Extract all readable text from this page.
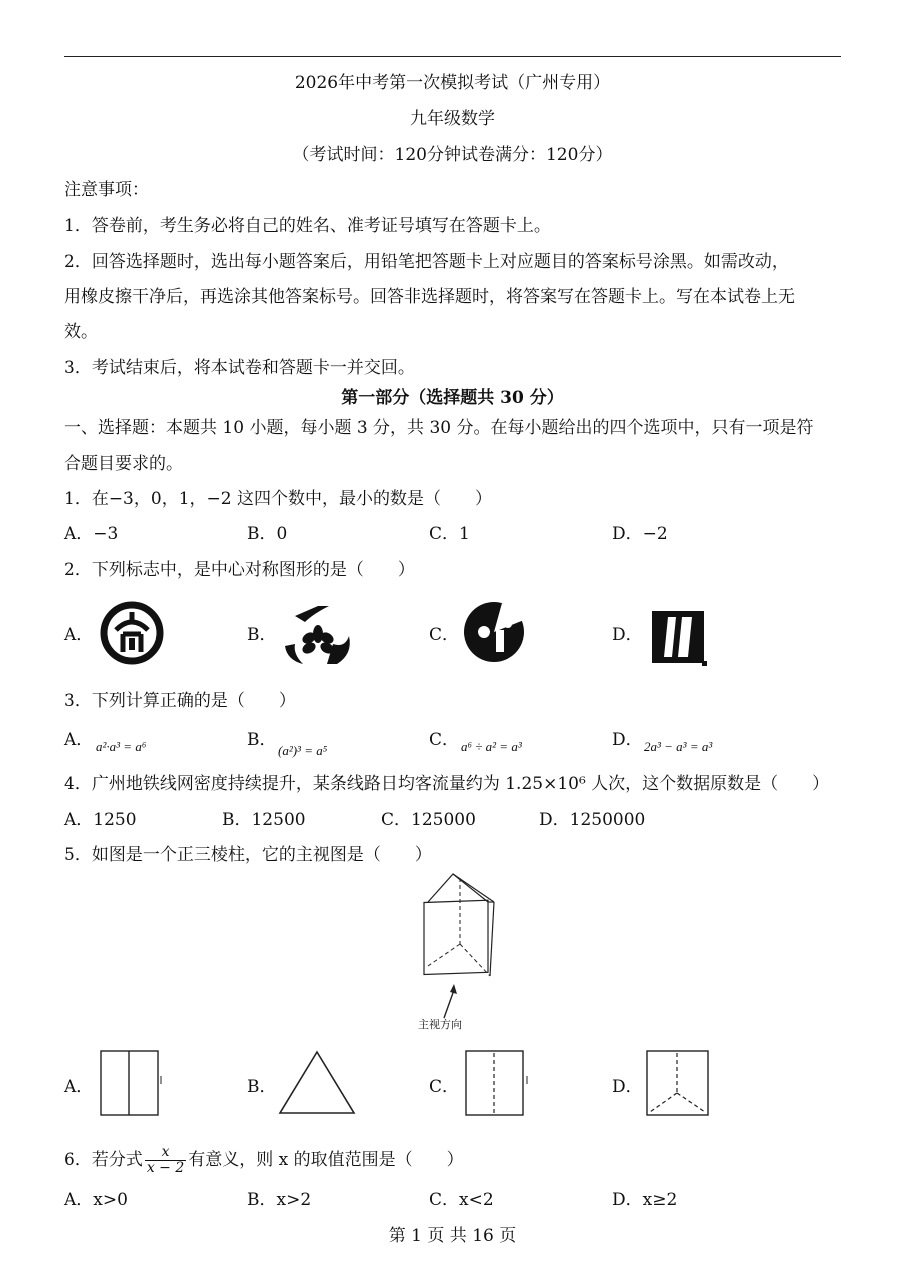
2026年中考第一次模拟考试（广州专用）
九年级数学
（考试时间：120分钟试卷满分：120分）
注意事项：
1．答卷前，考生务必将自己的姓名、准考证号填写在答题卡上。
2．回答选择题时，选出每小题答案后，用铅笔把答题卡上对应题目的答案标号涂黑。如需改动，
用橡皮擦干净后，再选涂其他答案标号。回答非选择题时，将答案写在答题卡上。写在本试卷上无
效。
3．考试结束后，将本试卷和答题卡一并交回。
第一部分（选择题共 30 分）
一、选择题：本题共 10 小题，每小题 3 分，共 30 分。在每小题给出的四个选项中，只有一项是符
合题目要求的。
1．在−3，0，1，−2 这四个数中，最小的数是（　　）
A．−3	B．0	C．1	D．−2
2．下列标志中，是中心对称图形的是（　　）
A．	B．	C．	D．
3．下列计算正确的是（　　）
A． a²·a³ = a⁶	B．
(a²)³ = a⁵
C． a⁶ ÷ a² = a³	D． 2a³ − a³ = a³
4．广州地铁线网密度持续提升，某条线路日均客流量约为 1.25×10⁶ 人次，这个数据原数是（　　）
A．1250	B．12500	C．125000	D．1250000
5．如图是一个正三棱柱，它的主视图是（　　）
主视方向
A．	B．	C．	D．
6．若分式 $\frac{x}{x - 2}$ 有意义，则 x 的取值范围是（　　）
A．x>0	B．x>2	C．x<2	D．x≥2
第 1 页 共 16 页
